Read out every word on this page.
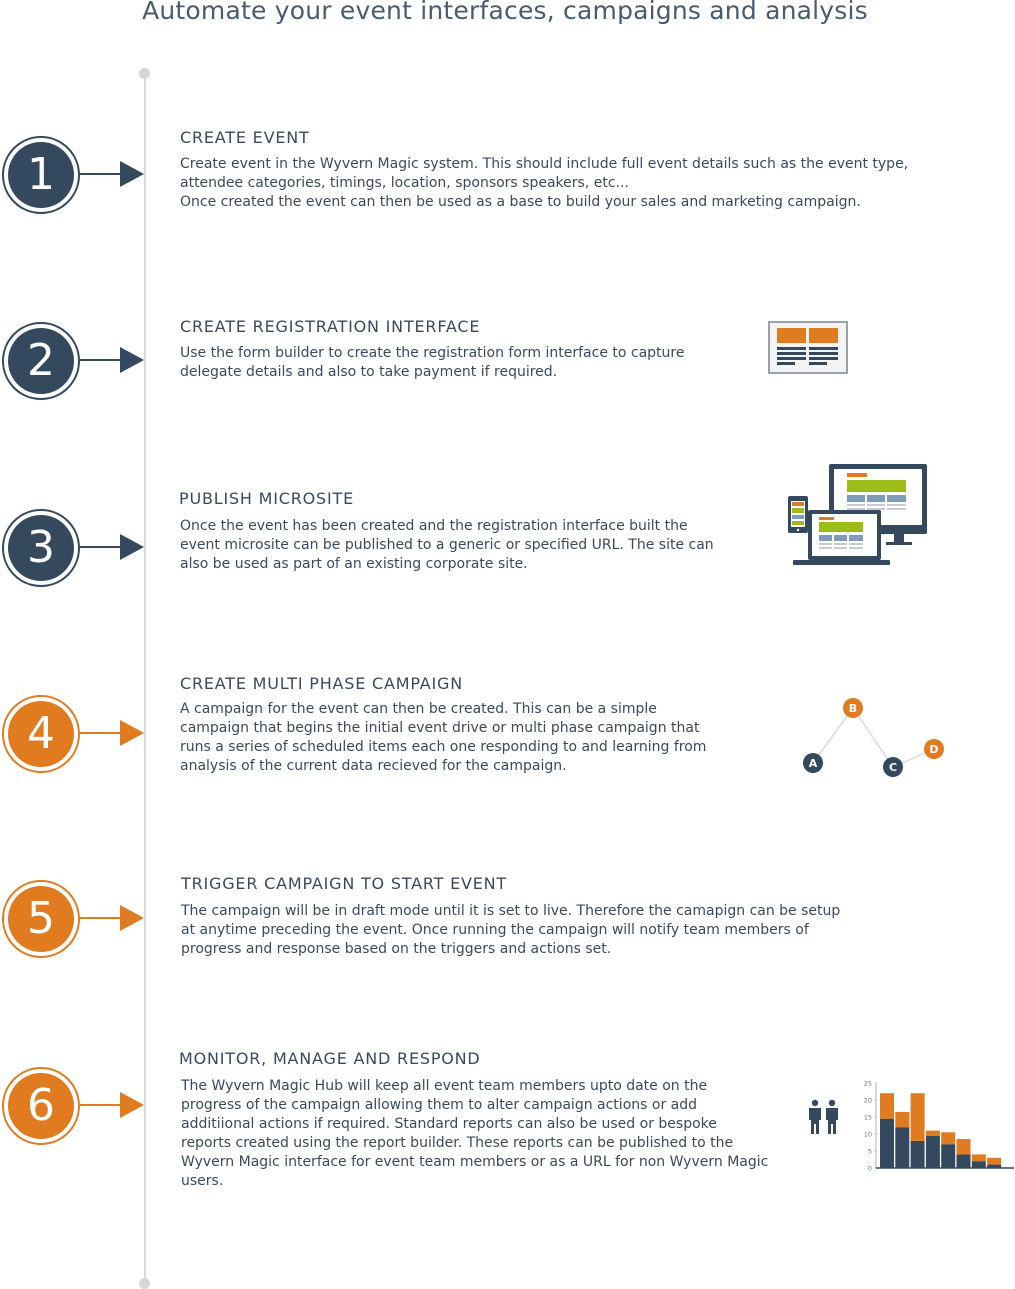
Automate your event interfaces, campaigns and analysis
1
CREATE EVENT

Create event in the Wyvern Magic system. This should include full event details such as the event type,

attendee categories, timings, location, sponsors speakers, etc...

Once created the event can then be used as a base to build your sales and marketing campaign.

2
CREATE REGISTRATION INTERFACE

Use the form builder to create the registration form interface to capture

delegate details and also to take payment if required.

3
PUBLISH MICROSITE

Once the event has been created and the registration interface built the

event microsite can be published to a generic or specified URL. The site can

also be used as part of an existing corporate site.

4
CREATE MULTI PHASE CAMPAIGN

A campaign for the event can then be created. This can be a simple

campaign that begins the initial event drive or multi phase campaign that

runs a series of scheduled items each one responding to and learning from

analysis of the current data recieved for the campaign.

5
TRIGGER CAMPAIGN TO START EVENT

The campaign will be in draft mode until it is set to live. Therefore the camapign can be setup

at anytime preceding the event. Once running the campaign will notify team members of

progress and response based on the triggers and actions set.

6
MONITOR, MANAGE AND RESPOND

The Wyvern Magic Hub will keep all event team members upto date on the

progress of the campaign allowing them to alter campaign actions or add

additiional actions if required. Standard reports can also be used or bespoke

reports created using the report builder. These reports can be published to the

Wyvern Magic interface for event team members or as a URL for non Wyvern Magic

users.

A
B
C
D
0
5
10
15
20
25
